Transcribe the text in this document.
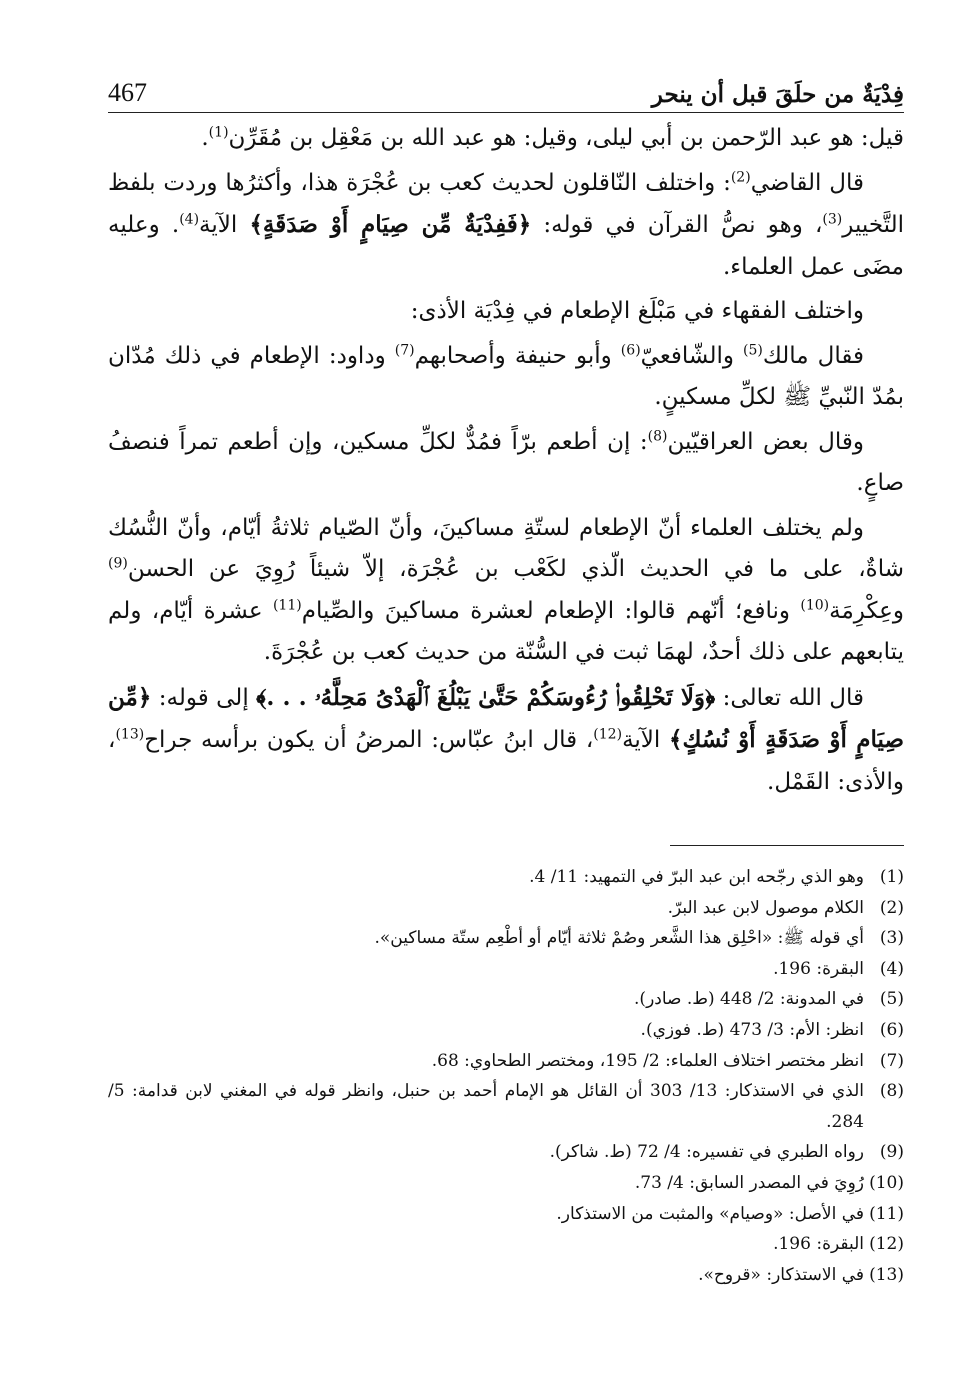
467	فِدْيَةٌ من حلَقَ قبل أن ينحر

قيل: هو عبد الرّحمن بن أبي ليلى، وقيل: هو عبد الله بن مَعْقِل بن مُقَرِّن$^{(1)}$.

قال القاضي$^{(2)}$: واختلف النّاقلون لحديث كعب بن عُجْرَة هذا، وأكثرُها وردت بلفظ التَّخيير$^{(3)}$، وهو نصُّ القرآن في قوله: ﴿فَفِدْيَةٌ مِّن صِيَامٍ أَوْ صَدَقَةٍ﴾ الآية$^{(4)}$. وعليه مضَى عمل العلماء.

واختلف الفقهاء في مَبْلَغ الإطعام في فِدْيَة الأذى:

فقال مالك$^{(5)}$ والشّافعيّ$^{(6)}$ وأبو حنيفة وأصحابهم$^{(7)}$ وداود: الإطعام في ذلك مُدّان بمُدّ النّبيِّ ﷺ لكلِّ مسكينٍ.

وقال بعض العراقيّين$^{(8)}$: إن أطعم برّاً فمُدٌّ لكلِّ مسكين، وإن أطعم تمراً فنصفُ صاعٍ.

ولم يختلف العلماء أنّ الإطعام لستّةِ مساكينَ، وأنّ الصّيام ثلاثةُ أيّام، وأنّ النُّسُك شاةٌ، على ما في الحديث الّذي لكَعْب بن عُجْرَة، إلاّ شيئاً رُوِيَ عن الحسن$^{(9)}$ وعِكْرِمَة$^{(10)}$ ونافع؛ أنّهم قالوا: الإطعام لعشرة مساكينَ والصِّيام$^{(11)}$ عشرة أيّام، ولم يتابعهم على ذلك أحدٌ، لهمَا ثبت في السُّنّة من حديث كعب بن عُجْرَةَ.

قال الله تعالى: ﴿وَلَا تَحْلِقُوا۟ رُءُوسَكُمْ حَتَّىٰ يَبْلُغَ ٱلْهَدْىُ مَحِلَّهُۥ . . .﴾ إلى قوله: ﴿مِّن صِيَامٍ أَوْ صَدَقَةٍ أَوْ نُسُكٍ﴾ الآية$^{(12)}$، قال ابنُ عبّاس: المرضُ أن يكون برأسه جراح$^{(13)}$، والأذى: القَمْل.

(1)
وهو الذي رجّحه ابن عبد البرّ في التمهيد: 11/ 4.
(2)
الكلام موصول لابن عبد البرّ.
(3)
أي قوله ﷺ: «احْلِق هذا الشَّعر وصُمْ ثلاثة أيّام أو أطْعِم ستّة مساكين».
(4)
البقرة: 196.
(5)
في المدونة: 2/ 448 (ط. صادر).
(6)
انظر: الأم: 3/ 473 (ط. فوزي).
(7)
انظر مختصر اختلاف العلماء: 2/ 195، ومختصر الطحاوي: 68.
(8)
الذي في الاستذكار: 13/ 303 أن القائل هو الإمام أحمد بن حنبل، وانظر قوله في المغني لابن قدامة: 5/ 284.
(9)
رواه الطبري في تفسيره: 4/ 72 (ط. شاكر).
(10)
رُوِيَ في المصدر السابق: 4/ 73.
(11)
في الأصل: «وصيام» والمثبت من الاستذكار.
(12)
البقرة: 196.
(13)
في الاستذكار: «قروح».
